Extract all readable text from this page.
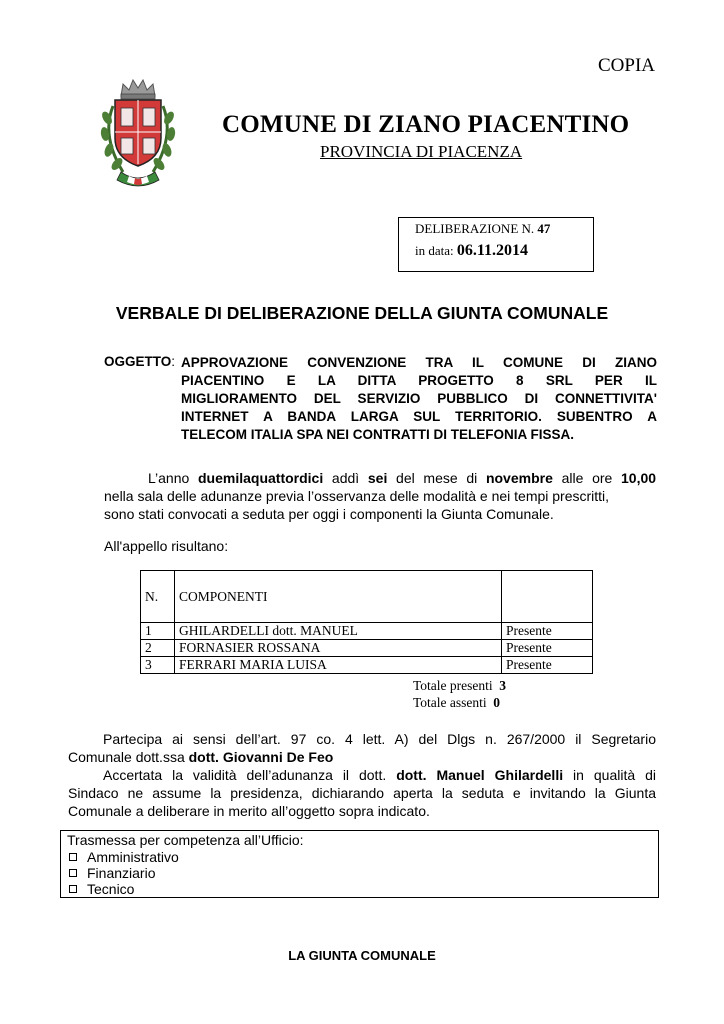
COPIA
COMUNE DI ZIANO PIACENTINO
PROVINCIA DI PIACENZA
DELIBERAZIONE N. 47
in data: 06.11.2014
VERBALE DI DELIBERAZIONE DELLA GIUNTA COMUNALE
OGGETTO: APPROVAZIONE CONVENZIONE TRA IL COMUNE DI ZIANO
PIACENTINO E LA DITTA PROGETTO 8 SRL PER IL
MIGLIORAMENTO DEL SERVIZIO PUBBLICO DI CONNETTIVITA'
INTERNET A BANDA LARGA SUL TERRITORIO. SUBENTRO A
TELECOM ITALIA SPA NEI CONTRATTI DI TELEFONIA FISSA.
L’anno duemilaquattordici addì sei del mese di novembre alle ore 10,00
nella sala delle adunanze previa l’osservanza delle modalità e nei tempi prescritti,
sono stati convocati a seduta per oggi i componenti la Giunta Comunale.
All'appello risultano:
N.	COMPONENTI	
1	GHILARDELLI dott. MANUEL	Presente
2	FORNASIER ROSSANA	Presente
3	FERRARI MARIA LUISA	Presente
Totale presenti 3
Totale assenti 0
Partecipa ai sensi dell’art. 97 co. 4 lett. A) del Dlgs n. 267/2000 il Segretario
Comunale dott.ssa dott. Giovanni De Feo
Accertata la validità dell’adunanza il dott. dott. Manuel Ghilardelli in qualità di
Sindaco ne assume la presidenza, dichiarando aperta la seduta e invitando la Giunta
Comunale a deliberare in merito all’oggetto sopra indicato.
Trasmessa per competenza all’Ufficio:
Amministrativo
Finanziario
Tecnico
LA GIUNTA COMUNALE
